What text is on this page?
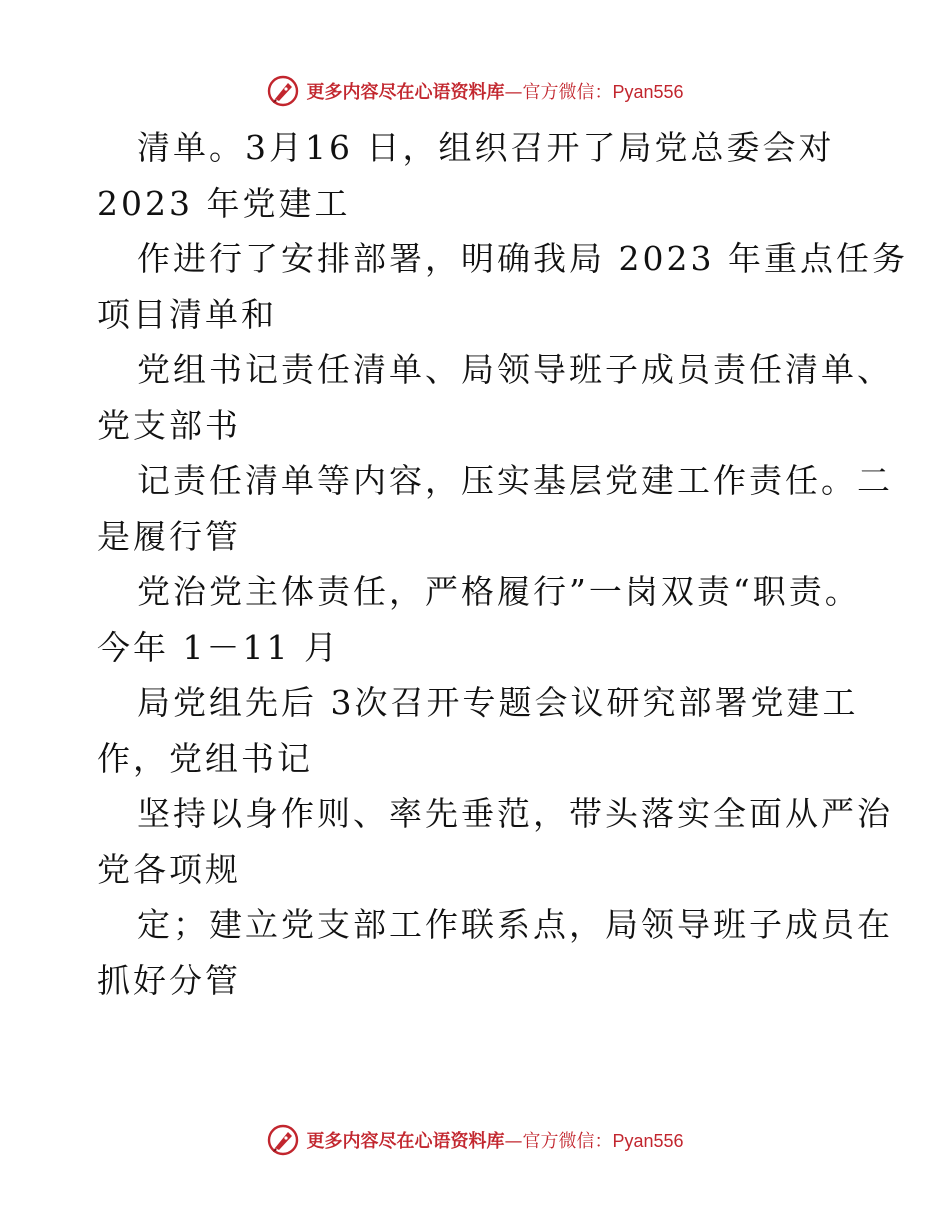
更多内容尽在心语资料库—官方微信：Pyan556
清单。3月16 日，组织召开了局党总委会对
2023 年党建工
作进行了安排部署，明确我局 2023 年重点任务
项目清单和
党组书记责任清单、局领导班子成员责任清单、
党支部书
记责任清单等内容，压实基层党建工作责任。二
是履行管
党治党主体责任，严格履行”一岗双责“职责。
今年 1－11 月
局党组先后 3次召开专题会议研究部署党建工
作，党组书记
坚持以身作则、率先垂范，带头落实全面从严治
党各项规
定；建立党支部工作联系点，局领导班子成员在
抓好分管
更多内容尽在心语资料库—官方微信：Pyan556
